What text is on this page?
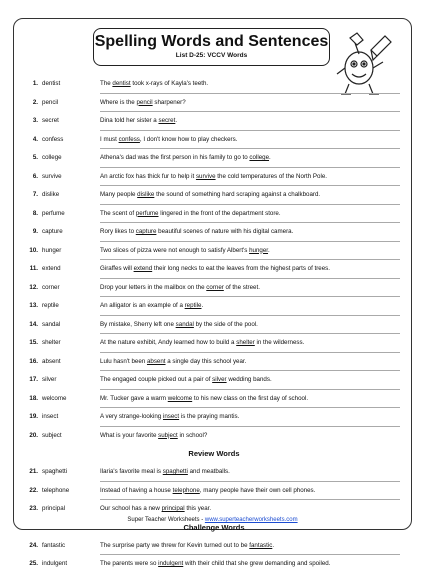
Spelling Words and Sentences
List D-25: VCCV Words
1. dentist	The dentist took x-rays of Kayla's teeth.
2. pencil	Where is the pencil sharpener?
3. secret	Dina told her sister a secret.
4. confess	I must confess, I don't know how to play checkers.
5. college	Athena's dad was the first person in his family to go to college.
6. survive	An arctic fox has thick fur to help it survive the cold temperatures of the North Pole.
7. dislike	Many people dislike the sound of something hard scraping against a chalkboard.
8. perfume	The scent of perfume lingered in the front of the department store.
9. capture	Rory likes to capture beautiful scenes of nature with his digital camera.
10. hunger	Two slices of pizza were not enough to satisfy Albert's hunger.
11. extend	Giraffes will extend their long necks to eat the leaves from the highest parts of trees.
12. corner	Drop your letters in the mailbox on the corner of the street.
13. reptile	An alligator is an example of a reptile.
14. sandal	By mistake, Sherry left one sandal by the side of the pool.
15. shelter	At the nature exhibit, Andy learned how to build a shelter in the wilderness.
16. absent	Lulu hasn't been absent a single day this school year.
17. silver	The engaged couple picked out a pair of silver wedding bands.
18. welcome	Mr. Tucker gave a warm welcome to his new class on the first day of school.
19. insect	A very strange-looking insect is the praying mantis.
20. subject	What is your favorite subject in school?
Review Words
21. spaghetti	Ilaria's favorite meal is spaghetti and meatballs.
22. telephone	Instead of having a house telephone, many people have their own cell phones.
23. principal	Our school has a new principal this year.
Challenge Words
24. fantastic	The surprise party we threw for Kevin turned out to be fantastic.
25. indulgent	The parents were so indulgent with their child that she grew demanding and spoiled.
Super Teacher Worksheets - www.superteacherworksheets.com
